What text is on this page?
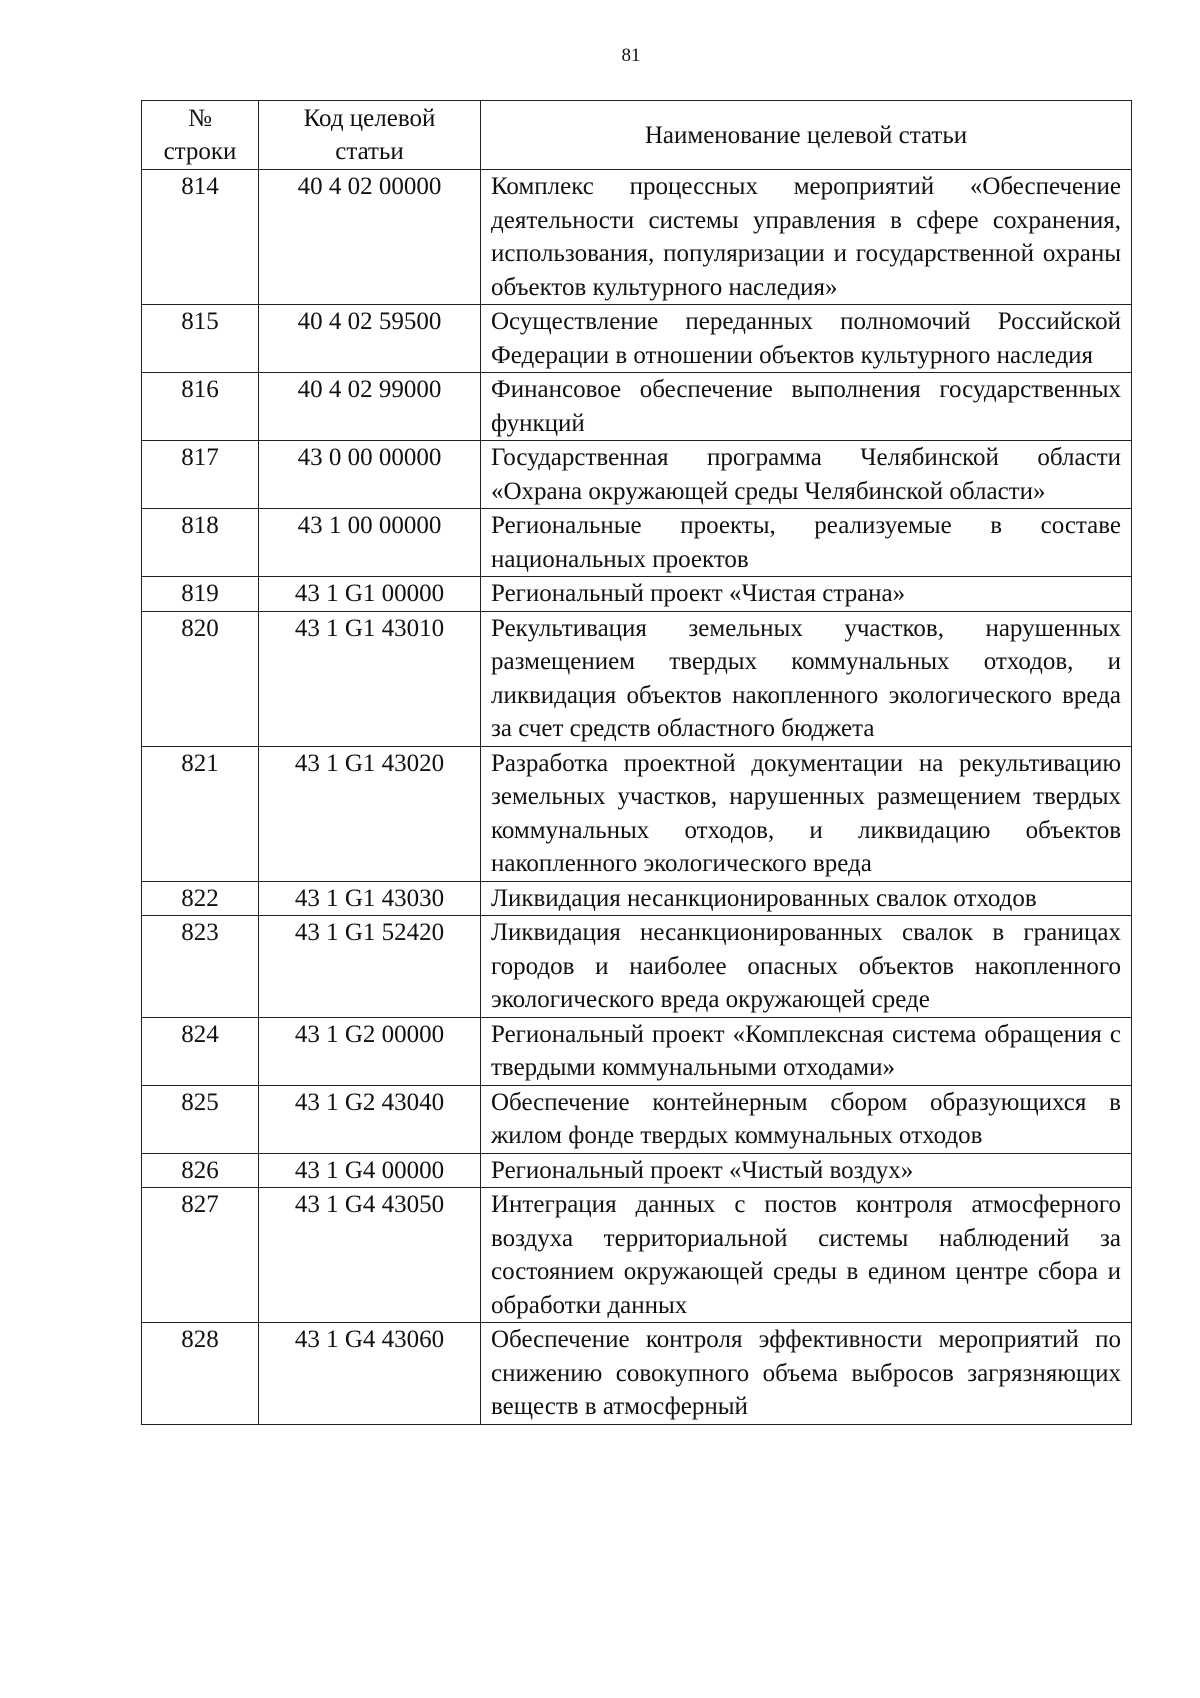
81
№ строки	Код целевой статьи	Наименование целевой статьи
814	40 4 02 00000	Комплекс процессных мероприятий «Обеспечение деятельности системы управления в сфере сохранения, использования, популяризации и государственной охраны объектов культурного наследия»
815	40 4 02 59500	Осуществление переданных полномочий Российской Федерации в отношении объектов культурного наследия
816	40 4 02 99000	Финансовое обеспечение выполнения государственных функций
817	43 0 00 00000	Государственная программа Челябинской области «Охрана окружающей среды Челябинской области»
818	43 1 00 00000	Региональные проекты, реализуемые в составе национальных проектов
819	43 1 G1 00000	Региональный проект «Чистая страна»
820	43 1 G1 43010	Рекультивация земельных участков, нарушенных размещением твердых коммунальных отходов, и ликвидация объектов накопленного экологического вреда за счет средств областного бюджета
821	43 1 G1 43020	Разработка проектной документации на рекультивацию земельных участков, нарушенных размещением твердых коммунальных отходов, и ликвидацию объектов накопленного экологического вреда
822	43 1 G1 43030	Ликвидация несанкционированных свалок отходов
823	43 1 G1 52420	Ликвидация несанкционированных свалок в границах городов и наиболее опасных объектов накопленного экологического вреда окружающей среде
824	43 1 G2 00000	Региональный проект «Комплексная система обращения с твердыми коммунальными отходами»
825	43 1 G2 43040	Обеспечение контейнерным сбором образующихся в жилом фонде твердых коммунальных отходов
826	43 1 G4 00000	Региональный проект «Чистый воздух»
827	43 1 G4 43050	Интеграция данных с постов контроля атмосферного воздуха территориальной системы наблюдений за состоянием окружающей среды в едином центре сбора и обработки данных
828	43 1 G4 43060	Обеспечение контроля эффективности мероприятий по снижению совокупного объема выбросов загрязняющих веществ в атмосферный
